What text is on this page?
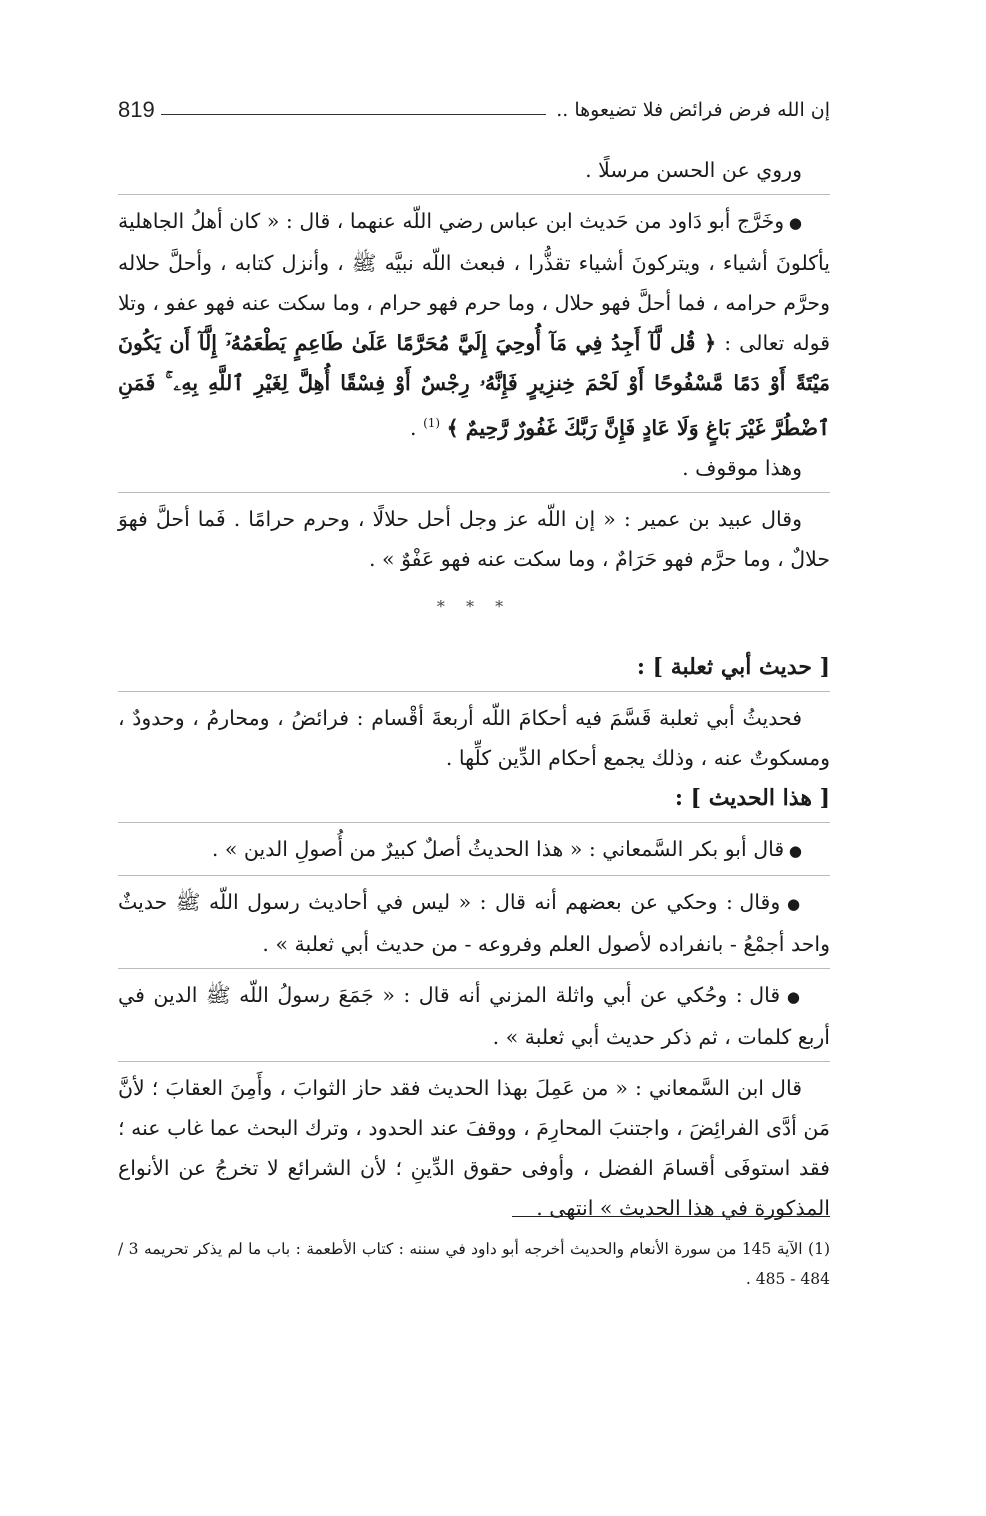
819	إن الله فرض فرائض فلا تضيعوها ..

وروي عن الحسن مرسلًا .

● وخَرَّج أبو دَاود من حَديث ابن عباس رضي اللّه عنهما ، قال : « كان أهلُ الجاهلية يأكلونَ أشياء ، ويتركونَ أشياء تقذُّرا ، فبعث اللّه نبيَّه ﷺ ، وأنزل كتابه ، وأحلَّ حلاله وحرَّم حرامه ، فما أحلَّ فهو حلال ، وما حرم فهو حرام ، وما سكت عنه فهو عفو ، وتلا قوله تعالى : ﴿ قُل لَّآ أَجِدُ فِي مَآ أُوحِيَ إِلَيَّ مُحَرَّمًا عَلَىٰ طَاعِمٍ يَطْعَمُهُۥٓ إِلَّآ أَن يَكُونَ مَيْتَةً أَوْ دَمًا مَّسْفُوحًا أَوْ لَحْمَ خِنزِيرٍ فَإِنَّهُۥ رِجْسٌ أَوْ فِسْقًا أُهِلَّ لِغَيْرِ ٱللَّهِ بِهِۦ ۚ فَمَنِ ٱضْطُرَّ غَيْرَ بَاغٍ وَلَا عَادٍ فَإِنَّ رَبَّكَ غَفُورٌ رَّحِيمٌ ﴾ $^{(1)}$ .

وهذا موقوف .

وقال عبيد بن عمير : « إن اللّه عز وجل أحل حلالًا ، وحرم حرامًا . فَما أحلَّ فهوَ حلالٌ ، وما حرَّم فهو حَرَامٌ ، وما سكت عنه فهو عَفْوٌ » .

* * *

[ حديث أبي ثعلبة ] :

فحديثُ أبي ثعلبة قَسَّمَ فيه أحكامَ اللّه أربعةَ أقْسام : فرائضُ ، ومحارمُ ، وحدودٌ ، ومسكوتٌ عنه ، وذلك يجمع أحكام الدِّين كلِّها .

[ هذا الحديث ] :

● قال أبو بكر السَّمعاني : « هذا الحديثُ أصلٌ كبيرٌ من أُصولِ الدين » .

● وقال : وحكي عن بعضهم أنه قال : « ليس في أحاديث رسول اللّه ﷺ حديثٌ واحد أجمْعُ - بانفراده لأصول العلم وفروعه - من حديث أبي ثعلبة » .

● قال : وحُكي عن أبي واثلة المزني أنه قال : « جَمَعَ رسولُ اللّه ﷺ الدين في أربع كلمات ، ثم ذكر حديث أبي ثعلبة » .

قال ابن السَّمعاني : « من عَمِلَ بهذا الحديث فقد حاز الثوابَ ، وأَمِنَ العقابَ ؛ لأنَّ مَن أدَّى الفرائِضَ ، واجتنبَ المحارِمَ ، ووقفَ عند الحدود ، وترك البحث عما غاب عنه ؛ فقد استوفَى أقسامَ الفضل ، وأوفى حقوق الدِّينِ ؛ لأن الشرائع لا تخرجُ عن الأنواع المذكورة في هذا الحديث » انتهى .

(1) الآية 145 من سورة الأنعام والحديث أخرجه أبو داود في سننه : كتاب الأطعمة : باب ما لم يذكر تحريمه 3 / 484 - 485 .
